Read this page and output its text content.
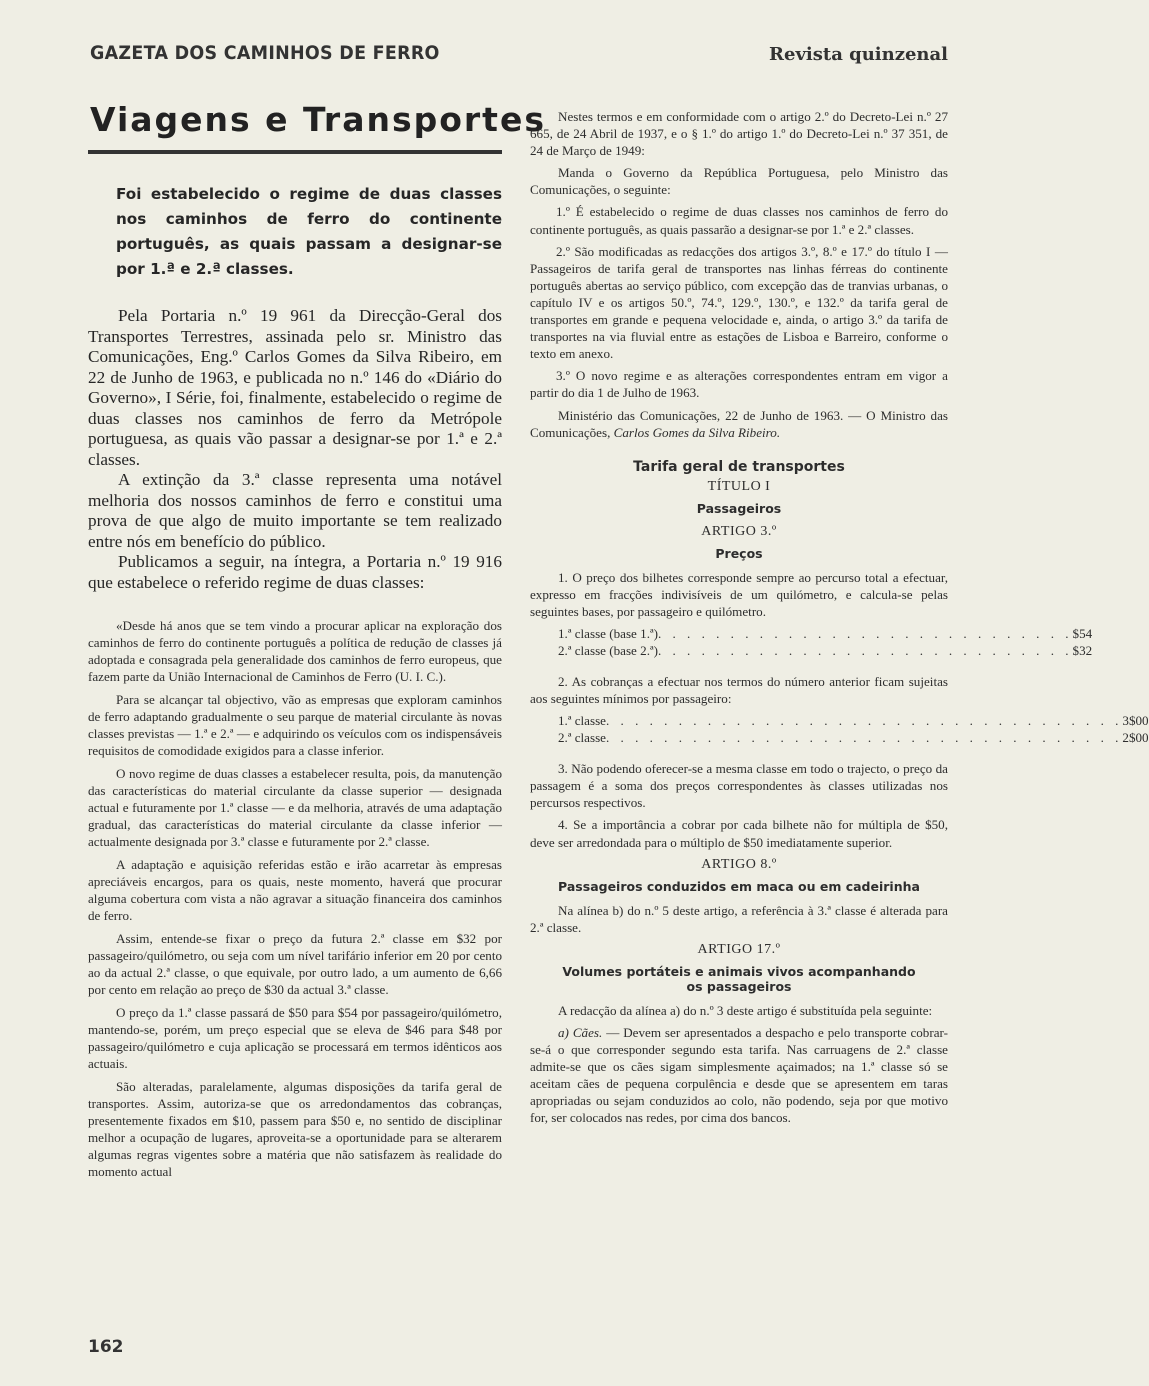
GAZETA DOS CAMINHOS DE FERRO	Revista quinzenal
Viagens e Transportes

Foi estabelecido o regime de duas classes nos caminhos de ferro do continente português, as quais passam a designar-se por 1.ª e 2.ª classes.

Pela Portaria n.º 19 961 da Direcção-Geral dos Transportes Terrestres, assinada pelo sr. Ministro das Comunicações, Eng.º Carlos Gomes da Silva Ribeiro, em 22 de Junho de 1963, e publicada no n.º 146 do «Diário do Governo», I Série, foi, finalmente, estabelecido o regime de duas classes nos caminhos de ferro da Metrópole portuguesa, as quais vão passar a designar-se por 1.ª e 2.ª classes.

A extinção da 3.ª classe representa uma notável melhoria dos nossos caminhos de ferro e constitui uma prova de que algo de muito importante se tem realizado entre nós em benefício do público.

Publicamos a seguir, na íntegra, a Portaria n.º 19 916 que estabelece o referido regime de duas classes:

«Desde há anos que se tem vindo a procurar aplicar na exploração dos caminhos de ferro do continente português a política de redução de classes já adoptada e consagrada pela generalidade dos caminhos de ferro europeus, que fazem parte da União Internacional de Caminhos de Ferro (U. I. C.).

Para se alcançar tal objectivo, vão as empresas que exploram caminhos de ferro adaptando gradualmente o seu parque de material circulante às novas classes previstas — 1.ª e 2.ª — e adquirindo os veículos com os indispensáveis requisitos de comodidade exigidos para a classe inferior.

O novo regime de duas classes a estabelecer resulta, pois, da manutenção das características do material circulante da classe superior — designada actual e futuramente por 1.ª classe — e da melhoria, através de uma adaptação gradual, das características do material circulante da classe inferior — actualmente designada por 3.ª classe e futuramente por 2.ª classe.

A adaptação e aquisição referidas estão e irão acarretar às empresas apreciáveis encargos, para os quais, neste momento, haverá que procurar alguma cobertura com vista a não agravar a situação financeira dos caminhos de ferro.

Assim, entende-se fixar o preço da futura 2.ª classe em $32 por passageiro/quilómetro, ou seja com um nível tarifário inferior em 20 por cento ao da actual 2.ª classe, o que equivale, por outro lado, a um aumento de 6,66 por cento em relação ao preço de $30 da actual 3.ª classe.

O preço da 1.ª classe passará de $50 para $54 por passageiro/quilómetro, mantendo-se, porém, um preço especial que se eleva de $46 para $48 por passageiro/quilómetro e cuja aplicação se processará em termos idênticos aos actuais.

São alteradas, paralelamente, algumas disposições da tarifa geral de transportes. Assim, autoriza-se que os arredondamentos das cobranças, presentemente fixados em $10, passem para $50 e, no sentido de disciplinar melhor a ocupação de lugares, aproveita-se a oportunidade para se alterarem algumas regras vigentes sobre a matéria que não satisfazem às realidade do momento actual

Nestes termos e em conformidade com o artigo 2.º do Decreto-Lei n.º 27 665, de 24 Abril de 1937, e o § 1.º do artigo 1.º do Decreto-Lei n.º 37 351, de 24 de Março de 1949:

Manda o Governo da República Portuguesa, pelo Ministro das Comunicações, o seguinte:

1.º É estabelecido o regime de duas classes nos caminhos de ferro do continente português, as quais passarão a designar-se por 1.ª e 2.ª classes.

2.º São modificadas as redacções dos artigos 3.º, 8.º e 17.º do título I — Passageiros de tarifa geral de transportes nas linhas férreas do continente português abertas ao serviço público, com excepção das de tranvias urbanas, o capítulo IV e os artigos 50.º, 74.º, 129.º, 130.º, e 132.º da tarifa geral de transportes em grande e pequena velocidade e, ainda, o artigo 3.º da tarifa de transportes na via fluvial entre as estações de Lisboa e Barreiro, conforme o texto em anexo.

3.º O novo regime e as alterações correspondentes entram em vigor a partir do dia 1 de Julho de 1963.

Ministério das Comunicações, 22 de Junho de 1963. — O Ministro das Comunicações, Carlos Gomes da Silva Ribeiro.

Tarifa geral de transportes
TÍTULO I
Passageiros
ARTIGO 3.º
Preços

1. O preço dos bilhetes corresponde sempre ao percurso total a efectuar, expresso em fracções indivisíveis de um quilómetro, e calcula-se pelas seguintes bases, por passageiro e quilómetro.

1.ª classe (base 1.ª) . . . . . . . . . . . . . . . . . . . . . . . . . . . . . $54
2.ª classe (base 2.ª) . . . . . . . . . . . . . . . . . . . . . . . . . . . . . $32

2. As cobranças a efectuar nos termos do número anterior ficam sujeitas aos seguintes mínimos por passageiro:

1.ª classe . . . . . . . . . . . . . . . . . . . . . . . . . . . . . . . . . . . . 3$00
2.ª classe . . . . . . . . . . . . . . . . . . . . . . . . . . . . . . . . . . . . 2$00

3. Não podendo oferecer-se a mesma classe em todo o trajecto, o preço da passagem é a soma dos preços correspondentes às classes utilizadas nos percursos respectivos.

4. Se a importância a cobrar por cada bilhete não for múltipla de $50, deve ser arredondada para o múltiplo de $50 imediatamente superior.

ARTIGO 8.º
Passageiros conduzidos em maca ou em cadeirinha

Na alínea b) do n.º 5 deste artigo, a referência à 3.ª classe é alterada para 2.ª classe.

ARTIGO 17.º
Volumes portáteis e animais vivos acompanhando
os passageiros

A redacção da alínea a) do n.º 3 deste artigo é substituída pela seguinte:

a) Cães. — Devem ser apresentados a despacho e pelo transporte cobrar-se-á o que corresponder segundo esta tarifa. Nas carruagens de 2.ª classe admite-se que os cães sigam simplesmente açaimados; na 1.ª classe só se aceitam cães de pequena corpulência e desde que se apresentem em taras apropriadas ou sejam conduzidos ao colo, não podendo, seja por que motivo for, ser colocados nas redes, por cima dos bancos.

162
